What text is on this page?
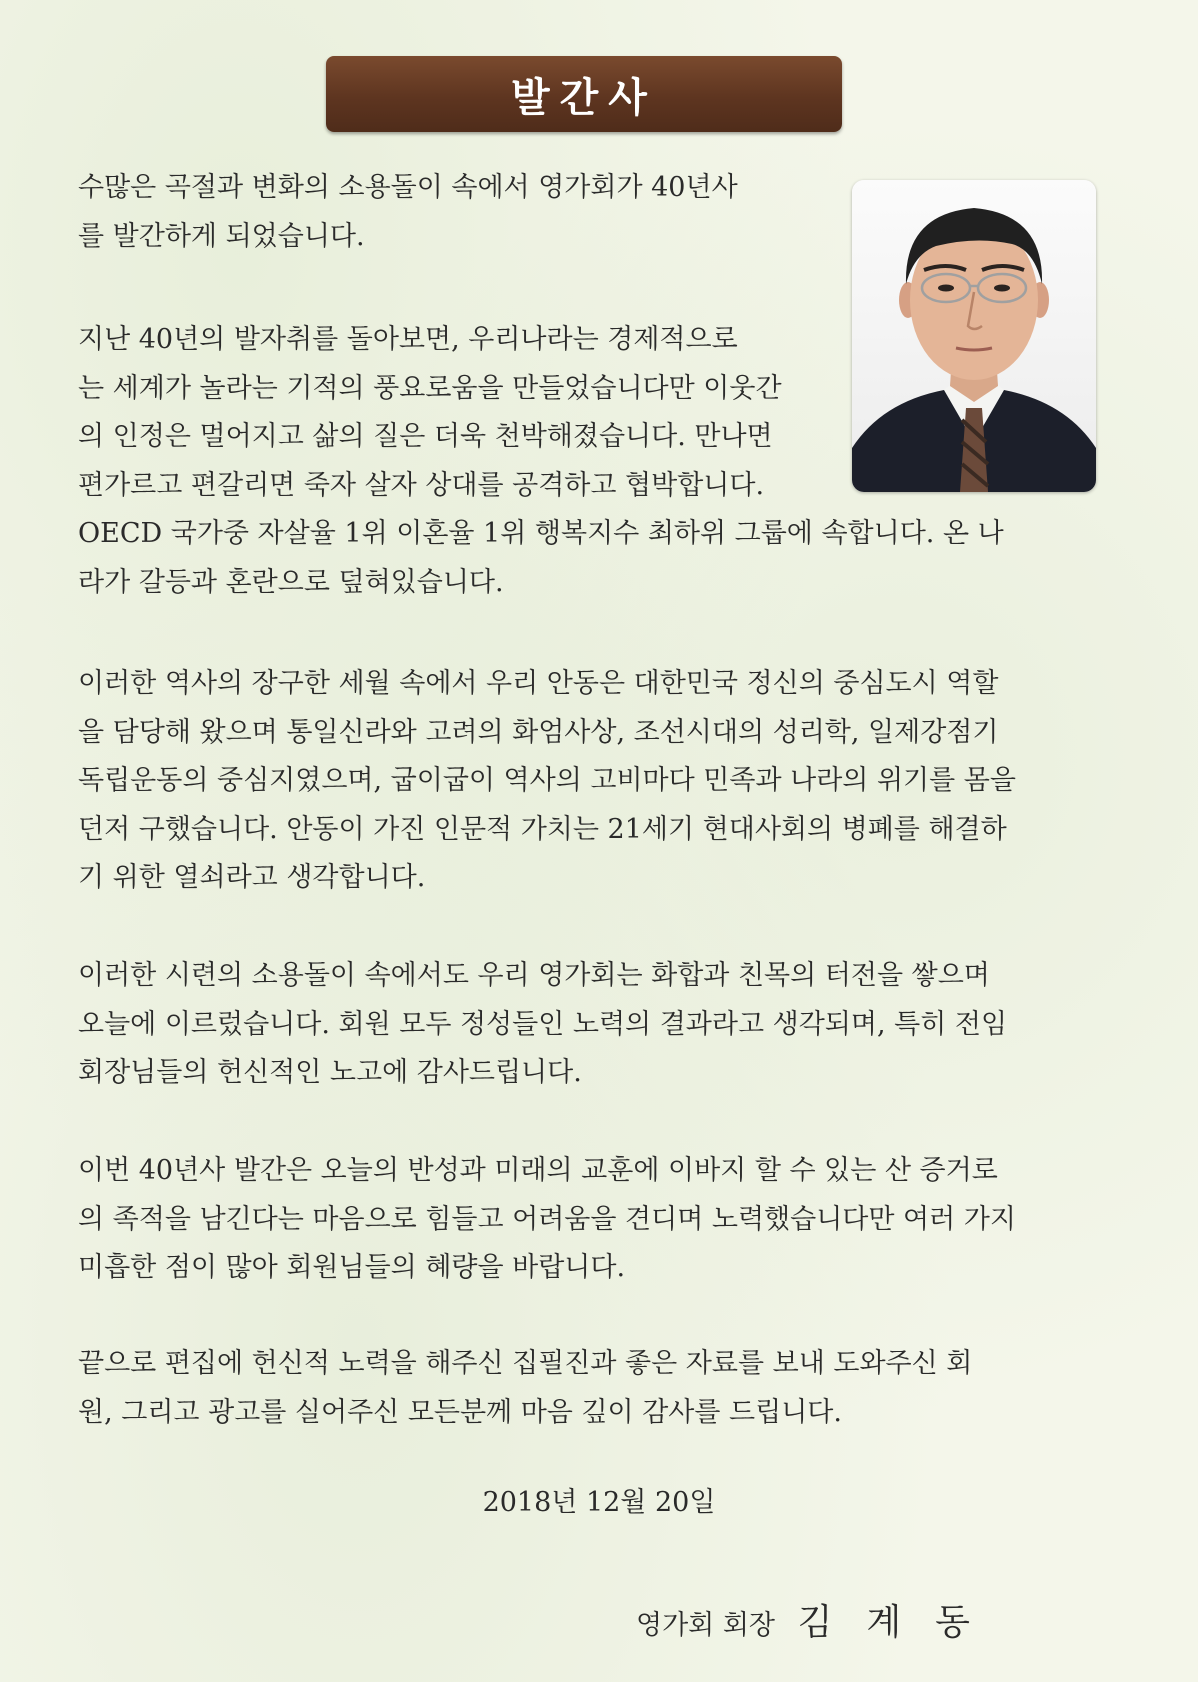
발간사

수많은 곡절과 변화의 소용돌이 속에서 영가회가 40년사
를 발간하게 되었습니다.

지난 40년의 발자취를 돌아보면, 우리나라는 경제적으로
는 세계가 놀라는 기적의 풍요로움을 만들었습니다만 이웃간
의 인정은 멀어지고 삶의 질은 더욱 천박해졌습니다. 만나면
편가르고 편갈리면 죽자 살자 상대를 공격하고 협박합니다.
OECD 국가중 자살율 1위 이혼율 1위 행복지수 최하위 그룹에 속합니다. 온 나
라가 갈등과 혼란으로 덮혀있습니다.

이러한 역사의 장구한 세월 속에서 우리 안동은 대한민국 정신의 중심도시 역할
을 담당해 왔으며 통일신라와 고려의 화엄사상, 조선시대의 성리학, 일제강점기
독립운동의 중심지였으며, 굽이굽이 역사의 고비마다 민족과 나라의 위기를 몸을
던저 구했습니다. 안동이 가진 인문적 가치는 21세기 현대사회의 병폐를 해결하
기 위한 열쇠라고 생각합니다.

이러한 시련의 소용돌이 속에서도 우리 영가회는 화합과 친목의 터전을 쌓으며
오늘에 이르렀습니다. 회원 모두 정성들인 노력의 결과라고 생각되며, 특히 전임
회장님들의 헌신적인 노고에 감사드립니다.

이번 40년사 발간은 오늘의 반성과 미래의 교훈에 이바지 할 수 있는 산 증거로
의 족적을 남긴다는 마음으로 힘들고 어려움을 견디며 노력했습니다만 여러 가지
미흡한 점이 많아 회원님들의 혜량을 바랍니다.

끝으로 편집에 헌신적 노력을 해주신 집필진과 좋은 자료를 보내 도와주신 회
원, 그리고 광고를 실어주신 모든분께 마음 깊이 감사를 드립니다.

2018년 12월 20일
영가회 회장 김계동
